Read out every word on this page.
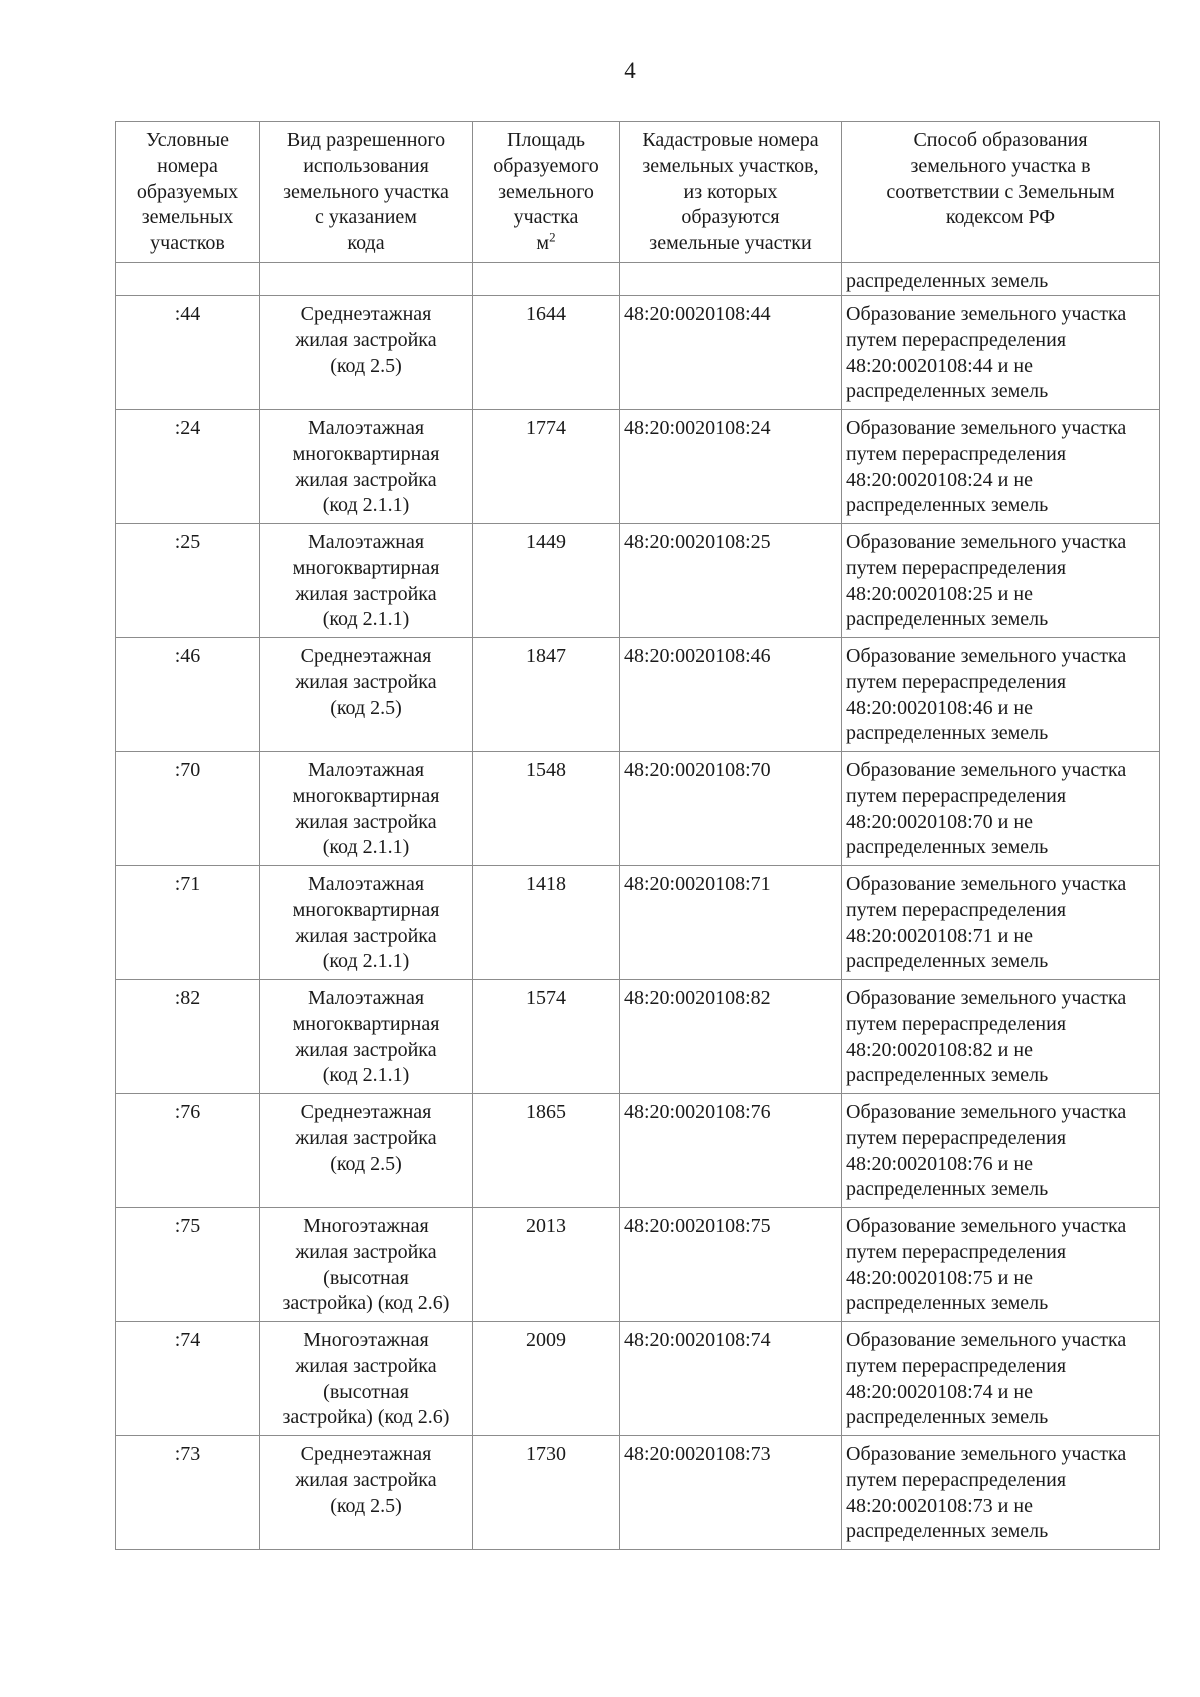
4
Условные
номера
образуемых
земельных
участков	Вид разрешенного
использования
земельного участка
с указанием
кода	Площадь
образуемого
земельного
участка
$м^2$	Кадастровые номера
земельных участков,
из которых
образуются
земельные участки	Способ образования
земельного участка в
соответствии с Земельным
кодексом РФ

				распределенных земель
:44	Среднеэтажная
жилая застройка
(код 2.5)	1644	48:20:0020108:44	Образование земельного участка
путем перераспределения
48:20:0020108:44 и не
распределенных земель

:24	Малоэтажная
многоквартирная
жилая застройка
(код 2.1.1)	1774	48:20:0020108:24	Образование земельного участка
путем перераспределения
48:20:0020108:24 и не
распределенных земель

:25	Малоэтажная
многоквартирная
жилая застройка
(код 2.1.1)	1449	48:20:0020108:25	Образование земельного участка
путем перераспределения
48:20:0020108:25 и не
распределенных земель

:46	Среднеэтажная
жилая застройка
(код 2.5)	1847	48:20:0020108:46	Образование земельного участка
путем перераспределения
48:20:0020108:46 и не
распределенных земель

:70	Малоэтажная
многоквартирная
жилая застройка
(код 2.1.1)	1548	48:20:0020108:70	Образование земельного участка
путем перераспределения
48:20:0020108:70 и не
распределенных земель

:71	Малоэтажная
многоквартирная
жилая застройка
(код 2.1.1)	1418	48:20:0020108:71	Образование земельного участка
путем перераспределения
48:20:0020108:71 и не
распределенных земель

:82	Малоэтажная
многоквартирная
жилая застройка
(код 2.1.1)	1574	48:20:0020108:82	Образование земельного участка
путем перераспределения
48:20:0020108:82 и не
распределенных земель

:76	Среднеэтажная
жилая застройка
(код 2.5)	1865	48:20:0020108:76	Образование земельного участка
путем перераспределения
48:20:0020108:76 и не
распределенных земель

:75	Многоэтажная
жилая застройка
(высотная
застройка) (код 2.6)	2013	48:20:0020108:75	Образование земельного участка
путем перераспределения
48:20:0020108:75 и не
распределенных земель

:74	Многоэтажная
жилая застройка
(высотная
застройка) (код 2.6)	2009	48:20:0020108:74	Образование земельного участка
путем перераспределения
48:20:0020108:74 и не
распределенных земель

:73	Среднеэтажная
жилая застройка
(код 2.5)	1730	48:20:0020108:73	Образование земельного участка
путем перераспределения
48:20:0020108:73 и не
распределенных земель
